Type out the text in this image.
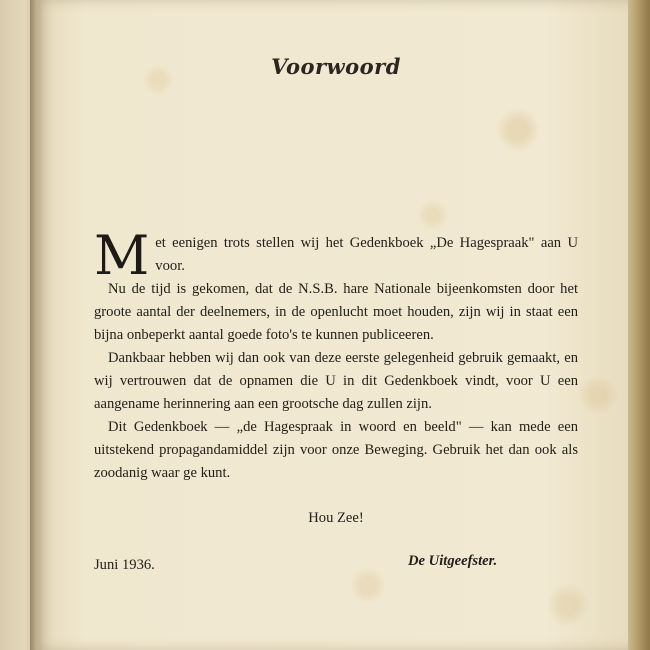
Voorwoord

M et eenigen trots stellen wij het Gedenkboek „De Hagespraak" aan U voor.

Nu de tijd is gekomen, dat de N.S.B. hare Nationale bijeenkomsten door het groote aantal der deelnemers, in de openlucht moet houden, zijn wij in staat een bijna onbeperkt aantal goede foto's te kunnen publiceeren.

Dankbaar hebben wij dan ook van deze eerste gelegenheid gebruik gemaakt, en wij vertrouwen dat de opnamen die U in dit Gedenkboek vindt, voor U een aangename herinnering aan een grootsche dag zullen zijn.

Dit Gedenkboek — „de Hagespraak in woord en beeld" — kan mede een uitstekend propagandamiddel zijn voor onze Beweging. Gebruik het dan ook als zoodanig waar ge kunt.

Hou Zee!
Juni 1936.	De Uitgeefster.
